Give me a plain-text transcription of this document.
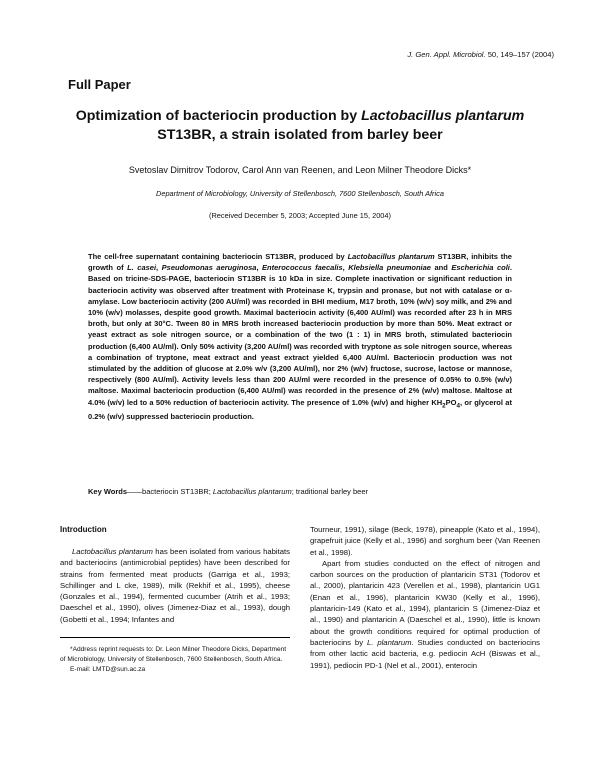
J. Gen. Appl. Microbiol. 50, 149–157 (2004)

Full Paper

Optimization of bacteriocin production by Lactobacillus plantarum
ST13BR, a strain isolated from barley beer

Svetoslav Dimitrov Todorov, Carol Ann van Reenen, and Leon Milner Theodore Dicks*

Department of Microbiology, University of Stellenbosch, 7600 Stellenbosch, South Africa

(Received December 5, 2003; Accepted June 15, 2004)

The cell-free supernatant containing bacteriocin ST13BR, produced by Lactobacillus plantarum ST13BR, inhibits the growth of L. casei, Pseudomonas aeruginosa, Enterococcus faecalis, Klebsiella pneumoniae and Escherichia coli. Based on tricine-SDS-PAGE, bacteriocin ST13BR is 10 kDa in size. Complete inactivation or significant reduction in bacteriocin activity was observed after treatment with Proteinase K, trypsin and pronase, but not with catalase or α-amylase. Low bacteriocin activity (200 AU/ml) was recorded in BHI medium, M17 broth, 10% (w/v) soy milk, and 2% and 10% (w/v) molasses, despite good growth. Maximal bacteriocin activity (6,400 AU/ml) was recorded after 23 h in MRS broth, but only at 30°C. Tween 80 in MRS broth increased bacteriocin production by more than 50%. Meat extract or yeast extract as sole nitrogen source, or a combination of the two (1 : 1) in MRS broth, stimulated bacteriocin production (6,400 AU/ml). Only 50% activity (3,200 AU/ml) was recorded with tryptone as sole nitrogen source, whereas a combination of tryptone, meat extract and yeast extract yielded 6,400 AU/ml. Bacteriocin production was not stimulated by the addition of glucose at 2.0% w/v (3,200 AU/ml), nor 2% (w/v) fructose, sucrose, lactose or mannose, respectively (800 AU/ml). Activity levels less than 200 AU/ml were recorded in the presence of 0.05% to 0.5% (w/v) maltose. Maximal bacteriocin production (6,400 AU/ml) was recorded in the presence of 2% (w/v) maltose. Maltose at 4.0% (w/v) led to a 50% reduction of bacteriocin activity. The presence of 1.0% (w/v) and higher $KH_2PO_4$, or glycerol at 0.2% (w/v) suppressed bacteriocin production.

Key Words——bacteriocin ST13BR; Lactobacillus plantarum; traditional barley beer

Introduction

Lactobacillus plantarum has been isolated from various habitats and bacteriocins (antimicrobial peptides) have been described for strains from fermented meat products (Garriga et al., 1993; Schillinger and L cke, 1989), milk (Rekhif et al., 1995), cheese (Gonzales et al., 1994), fermented cucumber (Atrih et al., 1993; Daeschel et al., 1990), olives (Jimenez-Diaz et al., 1993), dough (Gobetti et al., 1994; Infantes and

Tourneur, 1991), silage (Beck, 1978), pineapple (Kato et al., 1994), grapefruit juice (Kelly et al., 1996) and sorghum beer (Van Reenen et al., 1998).

Apart from studies conducted on the effect of nitrogen and carbon sources on the production of plantaricin ST31 (Todorov et al., 2000), plantaricin 423 (Verellen et al., 1998), plantaricin UG1 (Enan et al., 1996), plantaricin KW30 (Kelly et al., 1996), plantaricin-149 (Kato et al., 1994), plantaricin S (Jimenez-Diaz et al., 1990) and plantaricin A (Daeschel et al., 1990), little is known about the growth conditions required for optimal production of bacteriocins by L. plantarum. Studies conducted on bacteriocins from other lactic acid bacteria, e.g. pediocin AcH (Biswas et al., 1991), pediocin PD-1 (Nel et al., 2001), enterocin

*Address reprint requests to: Dr. Leon Milner Theodore Dicks, Department of Microbiology, University of Stellenbosch, 7600 Stellenbosch, South Africa.

E-mail: LMTD@sun.ac.za
